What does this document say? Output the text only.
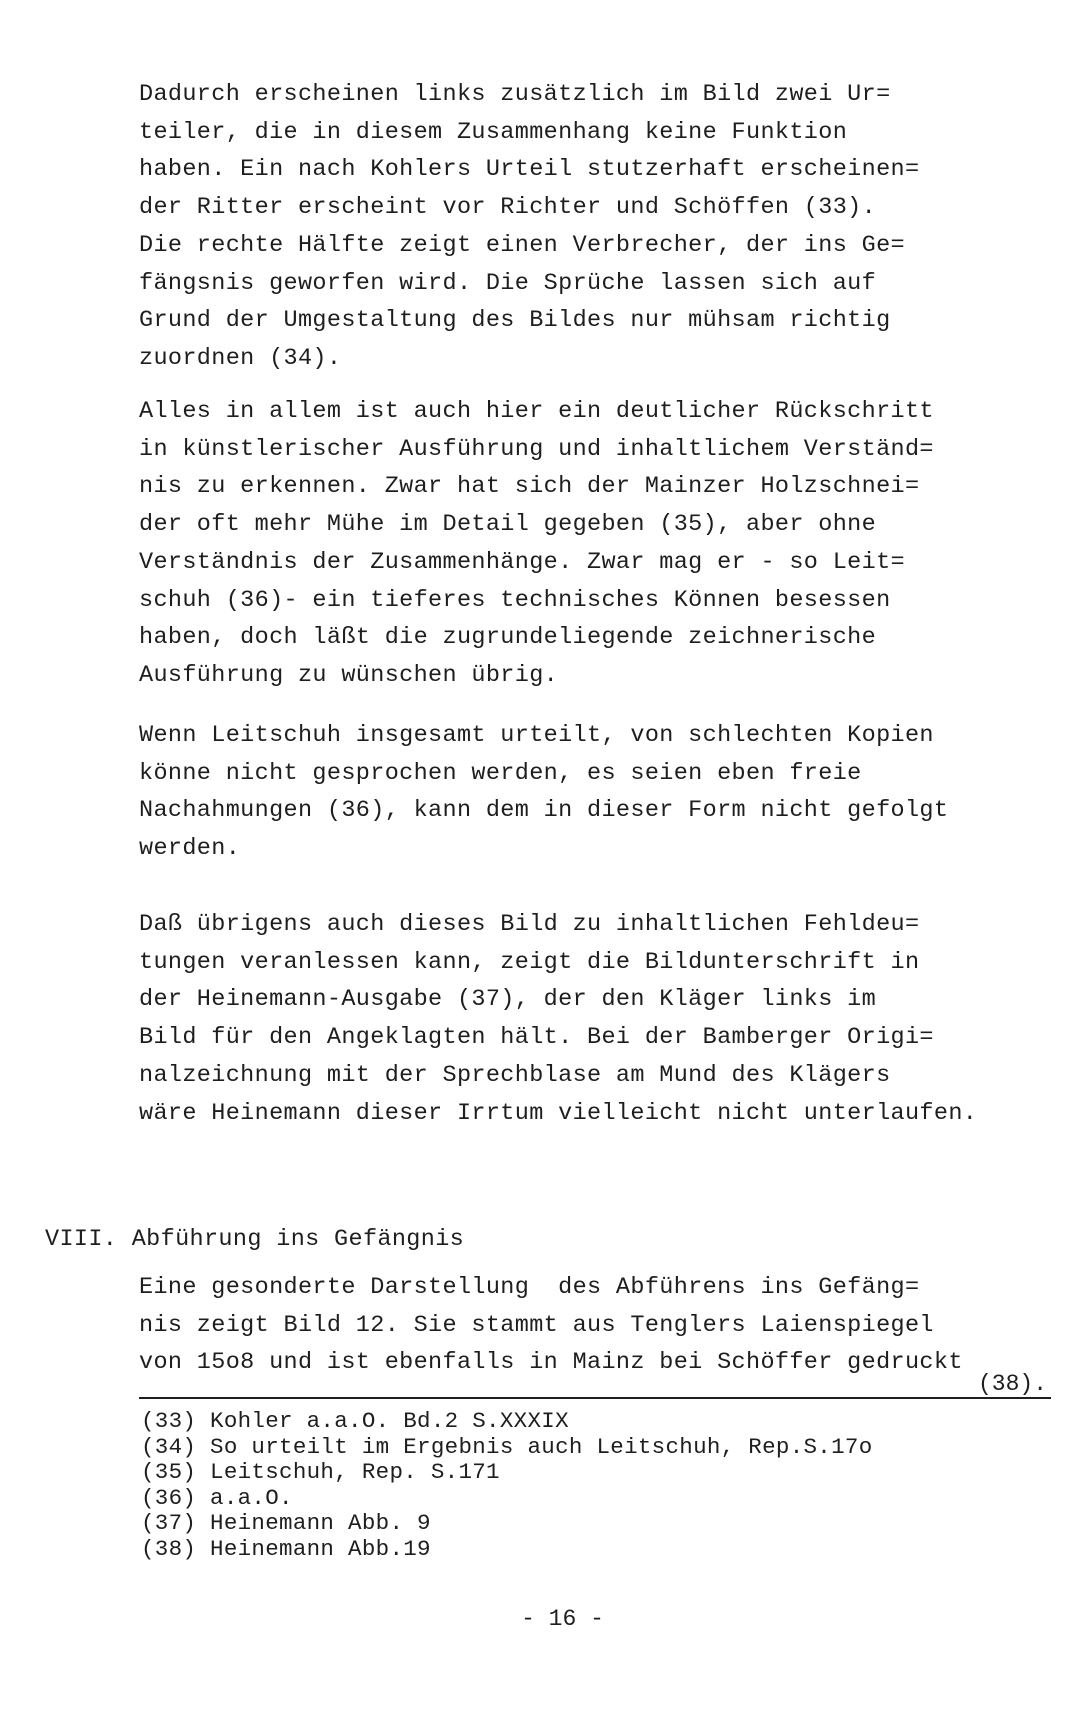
Dadurch erscheinen links zusätzlich im Bild zwei Ur=
teiler, die in diesem Zusammenhang keine Funktion
haben. Ein nach Kohlers Urteil stutzerhaft erscheinen=
der Ritter erscheint vor Richter und Schöffen (33).
Die rechte Hälfte zeigt einen Verbrecher, der ins Ge=
fängsnis geworfen wird. Die Sprüche lassen sich auf
Grund der Umgestaltung des Bildes nur mühsam richtig
zuordnen (34).
Alles in allem ist auch hier ein deutlicher Rückschritt
in künstlerischer Ausführung und inhaltlichem Verständ=
nis zu erkennen. Zwar hat sich der Mainzer Holzschnei=
der oft mehr Mühe im Detail gegeben (35), aber ohne
Verständnis der Zusammenhänge. Zwar mag er - so Leit=
schuh (36)- ein tieferes technisches Können besessen
haben, doch läßt die zugrundeliegende zeichnerische
Ausführung zu wünschen übrig.
Wenn Leitschuh insgesamt urteilt, von schlechten Kopien
könne nicht gesprochen werden, es seien eben freie
Nachahmungen (36), kann dem in dieser Form nicht gefolgt
werden.
Daß übrigens auch dieses Bild zu inhaltlichen Fehldeu=
tungen veranlessen kann, zeigt die Bildunterschrift in
der Heinemann-Ausgabe (37), der den Kläger links im
Bild für den Angeklagten hält. Bei der Bamberger Origi=
nalzeichnung mit der Sprechblase am Mund des Klägers
wäre Heinemann dieser Irrtum vielleicht nicht unterlaufen.
VIII. Abführung ins Gefängnis
Eine gesonderte Darstellung  des Abführens ins Gefäng=
nis zeigt Bild 12. Sie stammt aus Tenglers Laienspiegel
von 15o8 und ist ebenfalls in Mainz bei Schöffer gedruckt
(38).
(33) Kohler a.a.O. Bd.2 S.XXXIX
(34) So urteilt im Ergebnis auch Leitschuh, Rep.S.17o
(35) Leitschuh, Rep. S.171
(36) a.a.O.
(37) Heinemann Abb. 9
(38) Heinemann Abb.19
- 16 -
